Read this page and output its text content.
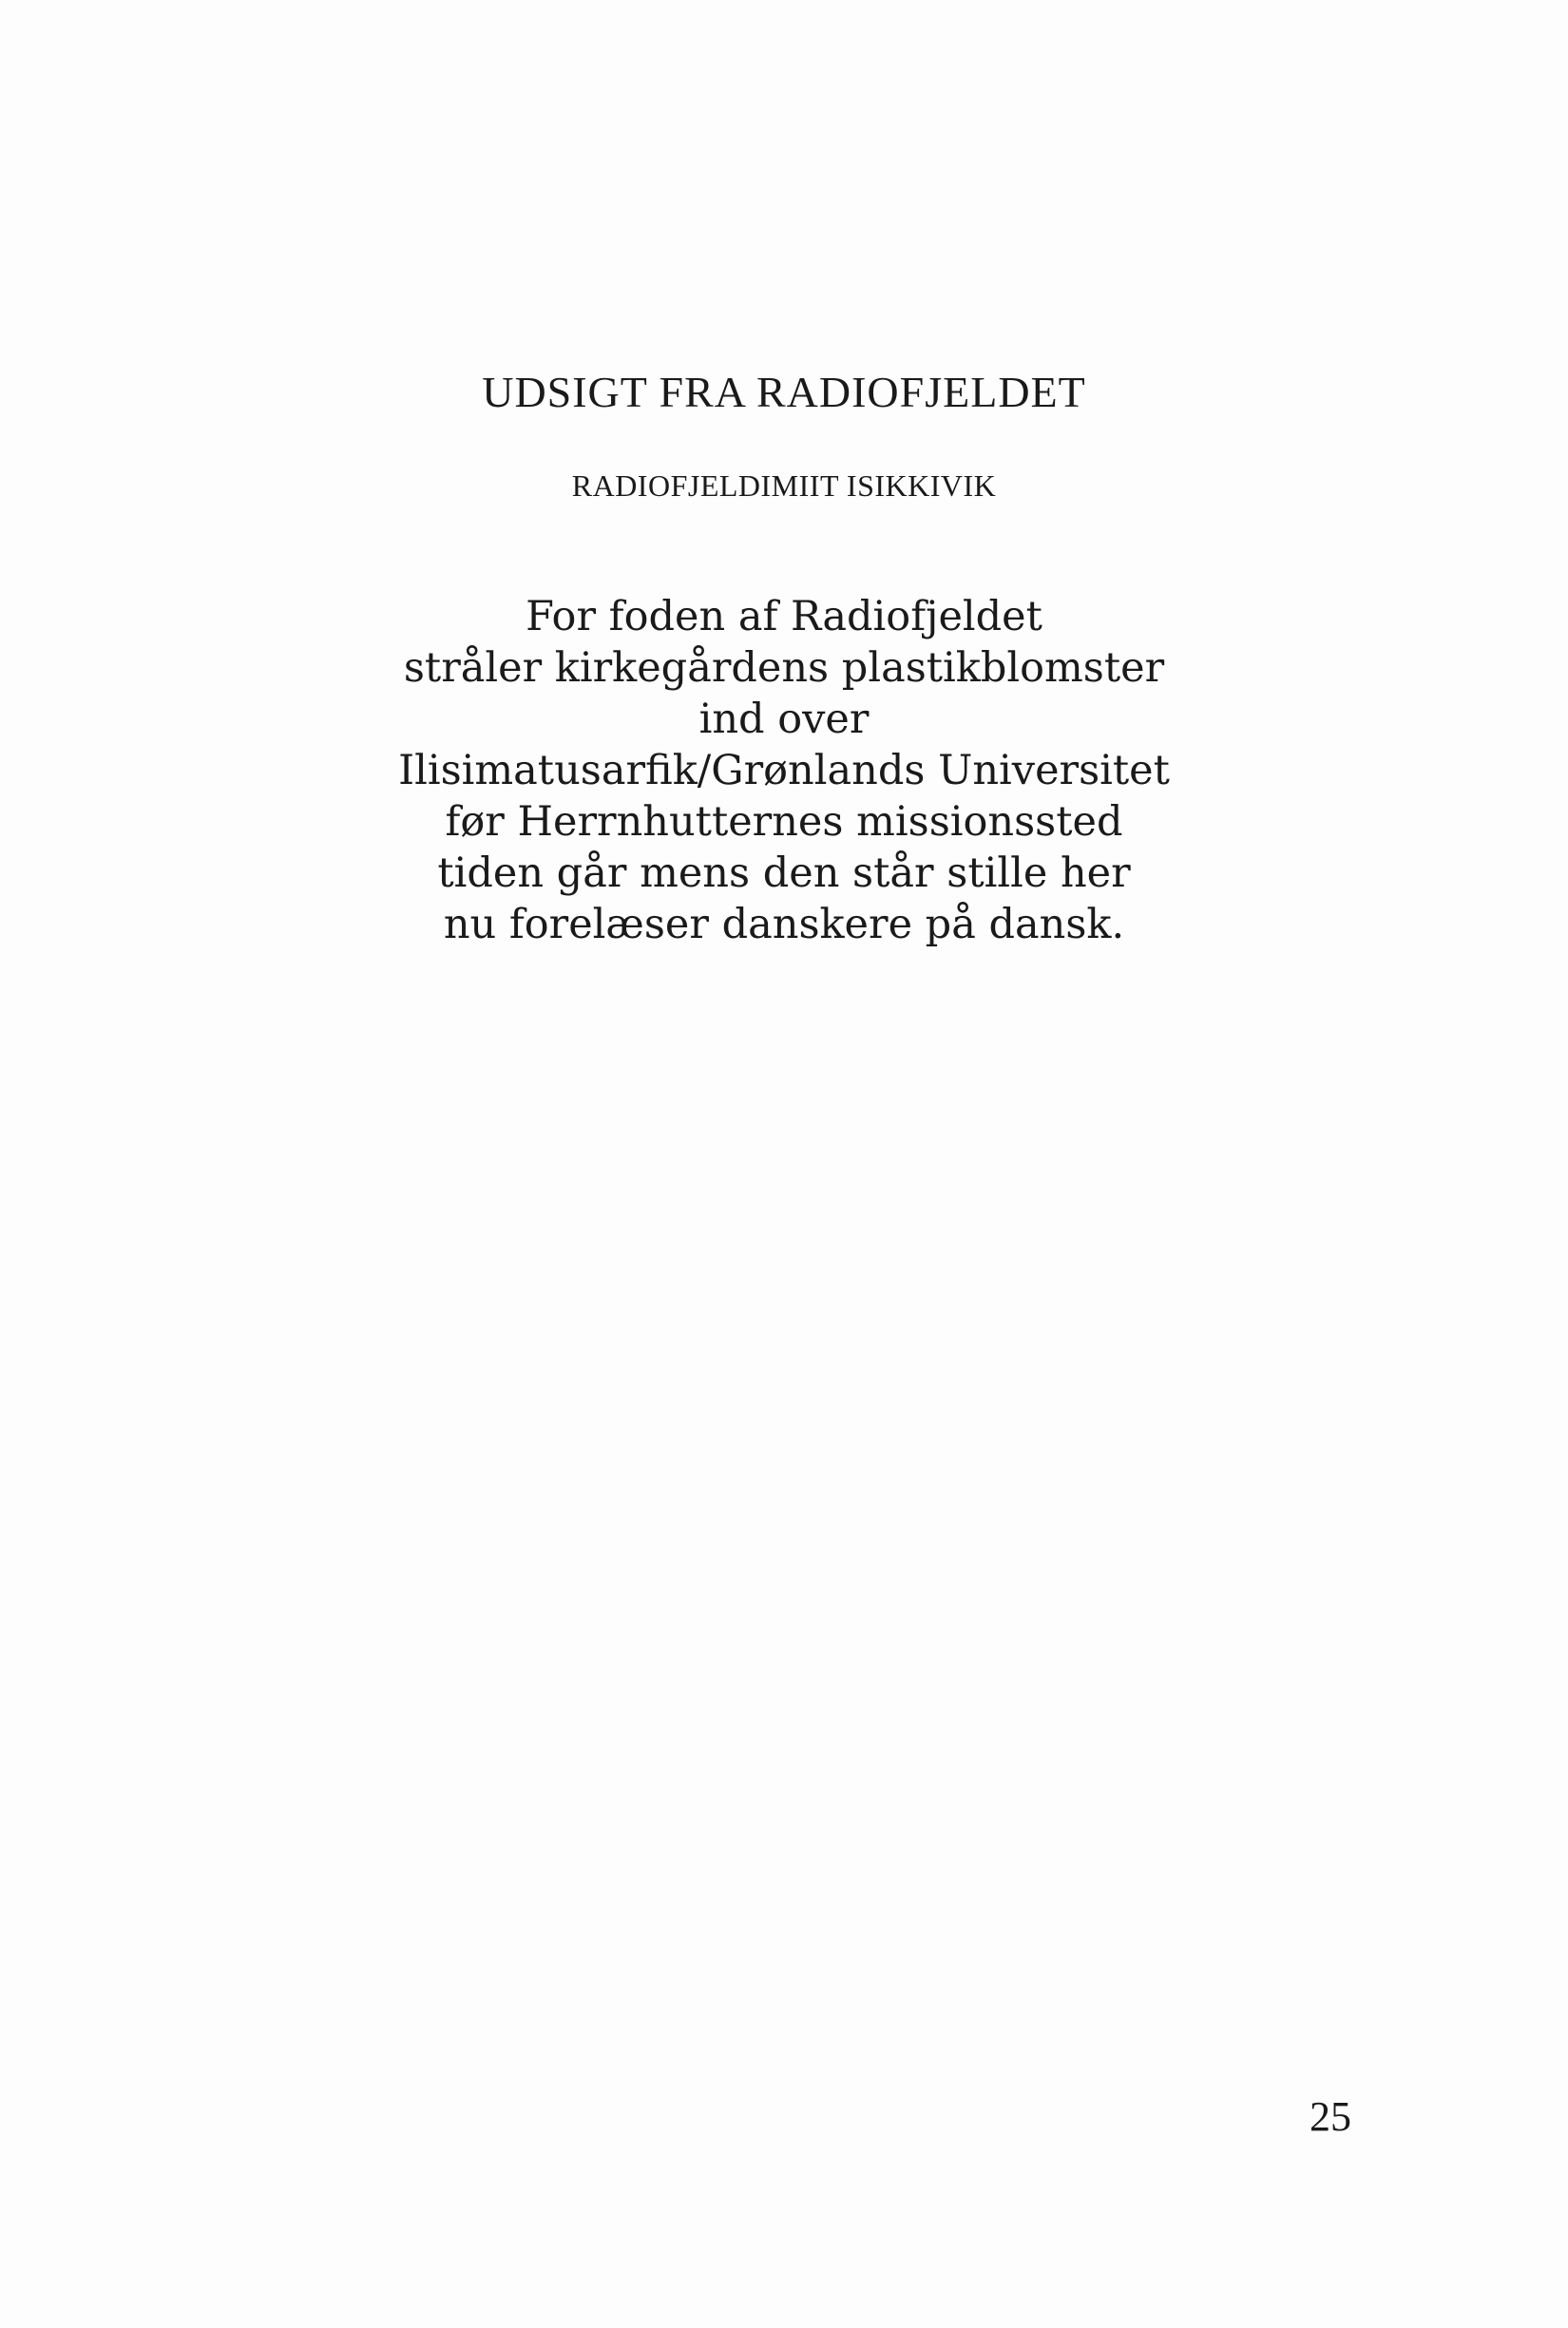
UDSIGT FRA RADIOFJELDET
RADIOFJELDIMIIT ISIKKIVIK
For foden af Radiofjeldet
stråler kirkegårdens plastikblomster
ind over
Ilisimatusarfik/Grønlands Universitet
før Herrnhutternes missionssted
tiden går mens den står stille her
nu forelæser danskere på dansk.
25
